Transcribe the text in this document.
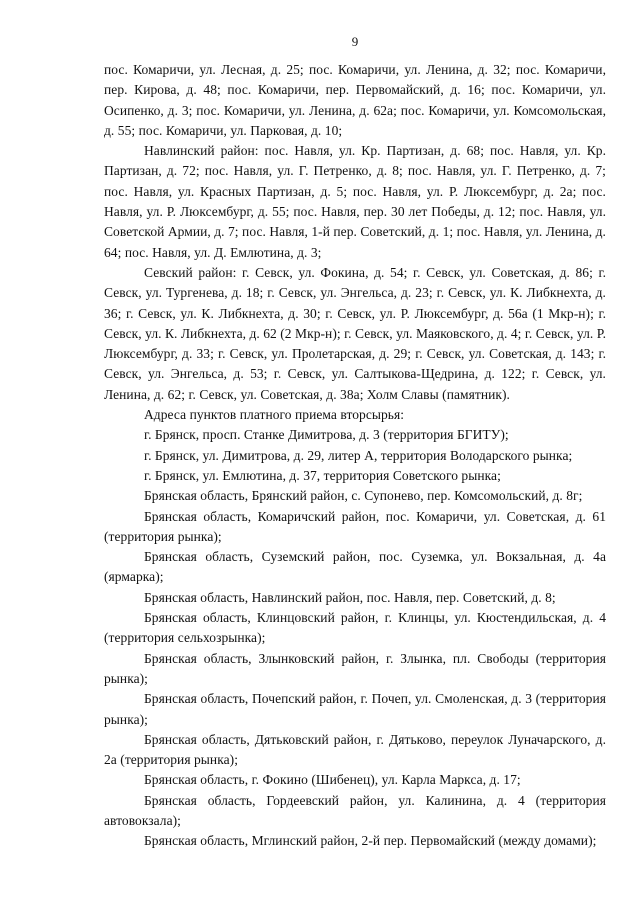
9

пос. Комаричи, ул. Лесная, д. 25; пос. Комаричи, ул. Ленина, д. 32; пос. Комаричи, пер. Кирова, д. 48; пос. Комаричи, пер. Первомайский, д. 16; пос. Комаричи, ул. Осипенко, д. 3; пос. Комаричи, ул. Ленина, д. 62а; пос. Комаричи, ул. Комсомольская, д. 55; пос. Комаричи, ул. Парковая, д. 10;

Навлинский район: пос. Навля, ул. Кр. Партизан, д. 68; пос. Навля, ул. Кр. Партизан, д. 72; пос. Навля, ул. Г. Петренко, д. 8; пос. Навля, ул. Г. Петренко, д. 7; пос. Навля, ул. Красных Партизан, д. 5; пос. Навля, ул. Р. Люксембург, д. 2а; пос. Навля, ул. Р. Люксембург, д. 55; пос. Навля, пер. 30 лет Победы, д. 12; пос. Навля, ул. Советской Армии, д. 7; пос. Навля, 1-й пер. Советский, д. 1; пос. Навля, ул. Ленина, д. 64; пос. Навля, ул. Д. Емлютина, д. 3;

Севский район: г. Севск, ул. Фокина, д. 54; г. Севск, ул. Советская, д. 86; г. Севск, ул. Тургенева, д. 18; г. Севск, ул. Энгельса, д. 23; г. Севск, ул. К. Либкнехта, д. 36; г. Севск, ул. К. Либкнехта, д. 30; г. Севск, ул. Р. Люксембург, д. 56а (1 Мкр-н); г. Севск, ул. К. Либкнехта, д. 62 (2 Мкр-н); г. Севск, ул. Маяковского, д. 4; г. Севск, ул. Р. Люксембург, д. 33; г. Севск, ул. Пролетарская, д. 29; г. Севск, ул. Советская, д. 143; г. Севск, ул. Энгельса, д. 53; г. Севск, ул. Салтыкова-Щедрина, д. 122; г. Севск, ул. Ленина, д. 62; г. Севск, ул. Советская, д. 38а; Холм Славы (памятник).

Адреса пунктов платного приема вторсырья:

г. Брянск, просп. Станке Димитрова, д. 3 (территория БГИТУ);

г. Брянск, ул. Димитрова, д. 29, литер А, территория Володарского рынка;

г. Брянск, ул. Емлютина, д. 37, территория Советского рынка;

Брянская область, Брянский район, с. Супонево, пер. Комсомольский, д. 8г;

Брянская область, Комаричский район, пос. Комаричи, ул. Советская, д. 61 (территория рынка);

Брянская область, Суземский район, пос. Суземка, ул. Вокзальная, д. 4а (ярмарка);

Брянская область, Навлинский район, пос. Навля, пер. Советский, д. 8;

Брянская область, Клинцовский район, г. Клинцы, ул. Кюстендильская, д. 4 (территория сельхозрынка);

Брянская область, Злынковский район, г. Злынка, пл. Свободы (территория рынка);

Брянская область, Почепский район, г. Почеп, ул. Смоленская, д. 3 (территория рынка);

Брянская область, Дятьковский район, г. Дятьково, переулок Луначарского, д. 2а (территория рынка);

Брянская область, г. Фокино (Шибенец), ул. Карла Маркса, д. 17;

Брянская область, Гордеевский район, ул. Калинина, д. 4 (территория автовокзала);

Брянская область, Мглинский район, 2-й пер. Первомайский (между домами);
